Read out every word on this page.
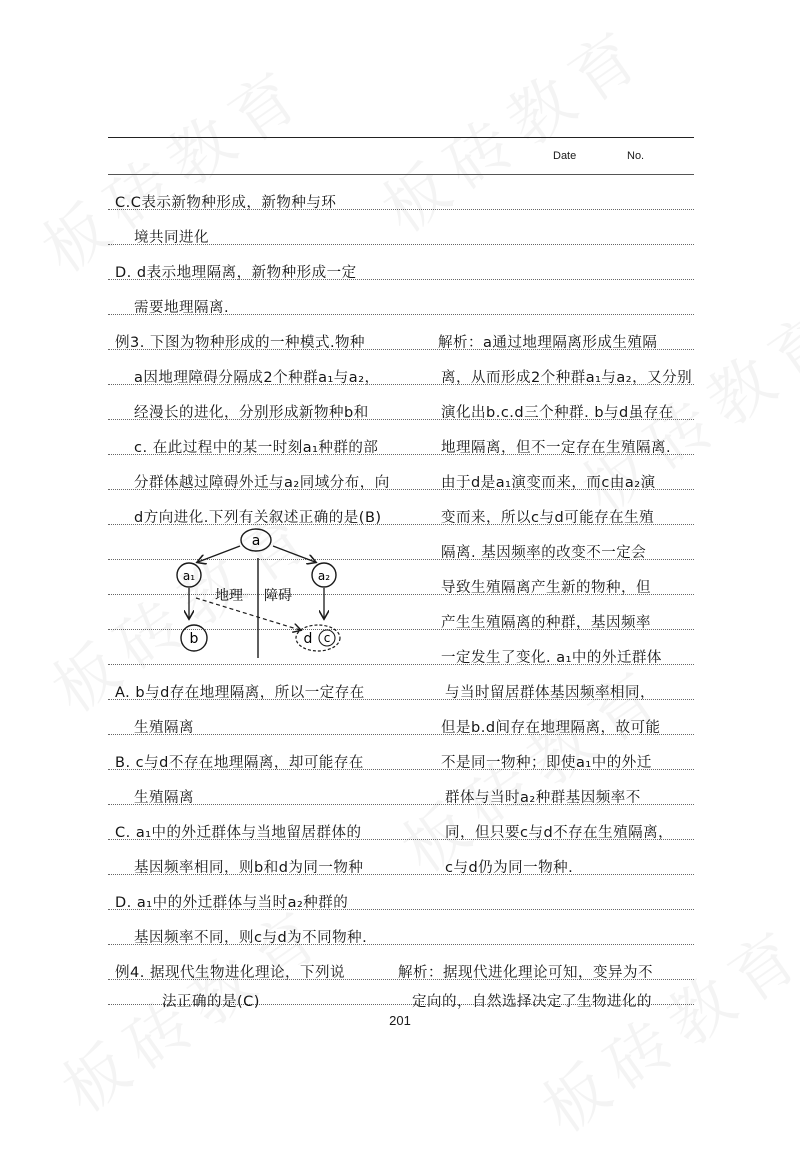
Date	No.
C.C表示新物种形成，新物种与环
境共同进化
D. d表示地理隔离，新物种形成一定
需要地理隔离.
例3. 下图为物种形成的一种模式.物种
a因地理障碍分隔成2个种群a₁与a₂，
经漫长的进化，分别形成新物种b和
c. 在此过程中的某一时刻a₁种群的部
分群体越过障碍外迁与a₂同域分布，向
d方向进化.下列有关叙述正确的是(B)
a
a₁	a₂
地理 障碍
b	d c
A. b与d存在地理隔离，所以一定存在
生殖隔离
B. c与d不存在地理隔离，却可能存在
生殖隔离
C. a₁中的外迁群体与当地留居群体的
基因频率相同，则b和d为同一物种
D. a₁中的外迁群体与当时a₂种群的
基因频率不同，则c与d为不同物种.
例4. 据现代生物进化理论，下列说
法正确的是(C)
解析：a通过地理隔离形成生殖隔
离，从而形成2个种群a₁与a₂，又分别
演化出b.c.d三个种群. b与d虽存在
地理隔离，但不一定存在生殖隔离.
由于d是a₁演变而来，而c由a₂演
变而来，所以c与d可能存在生殖
隔离. 基因频率的改变不一定会
导致生殖隔离产生新的物种，但
产生生殖隔离的种群，基因频率
一定发生了变化. a₁中的外迁群体
与当时留居群体基因频率相同，
但是b.d间存在地理隔离，故可能
不是同一物种；即使a₁中的外迁
群体与当时a₂种群基因频率不
同，但只要c与d不存在生殖隔离，
c与d仍为同一物种.
解析：据现代进化理论可知，变异为不
定向的，自然选择决定了生物进化的
201
